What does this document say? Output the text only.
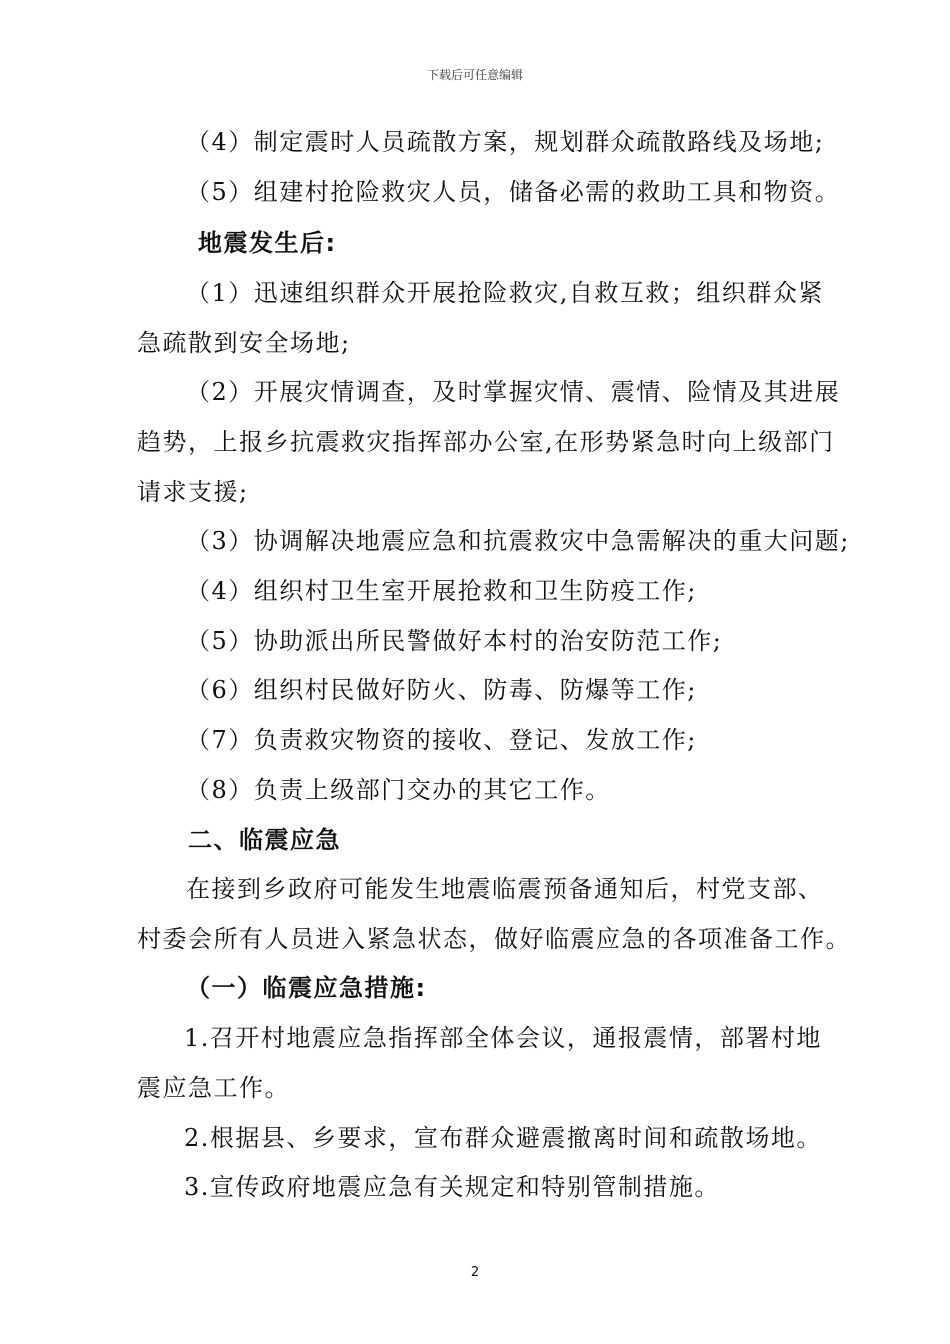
下载后可任意编辑
（4）制定震时人员疏散方案，规划群众疏散路线及场地;
（5）组建村抢险救灾人员，储备必需的救助工具和物资。
地震发生后:
（1）迅速组织群众开展抢险救灾,自救互救；组织群众紧
急疏散到安全场地;
（2）开展灾情调查，及时掌握灾情、震情、险情及其进展
趋势，上报乡抗震救灾指挥部办公室,在形势紧急时向上级部门
请求支援;
（3）协调解决地震应急和抗震救灾中急需解决的重大问题;
（4）组织村卫生室开展抢救和卫生防疫工作;
（5）协助派出所民警做好本村的治安防范工作;
（6）组织村民做好防火、防毒、防爆等工作;
（7）负责救灾物资的接收、登记、发放工作;
（8）负责上级部门交办的其它工作。
二、临震应急
在接到乡政府可能发生地震临震预备通知后，村党支部、
村委会所有人员进入紧急状态，做好临震应急的各项准备工作。
（一）临震应急措施:
1.召开村地震应急指挥部全体会议，通报震情，部署村地
震应急工作。
2.根据县、乡要求，宣布群众避震撤离时间和疏散场地。
3.宣传政府地震应急有关规定和特别管制措施。
2
